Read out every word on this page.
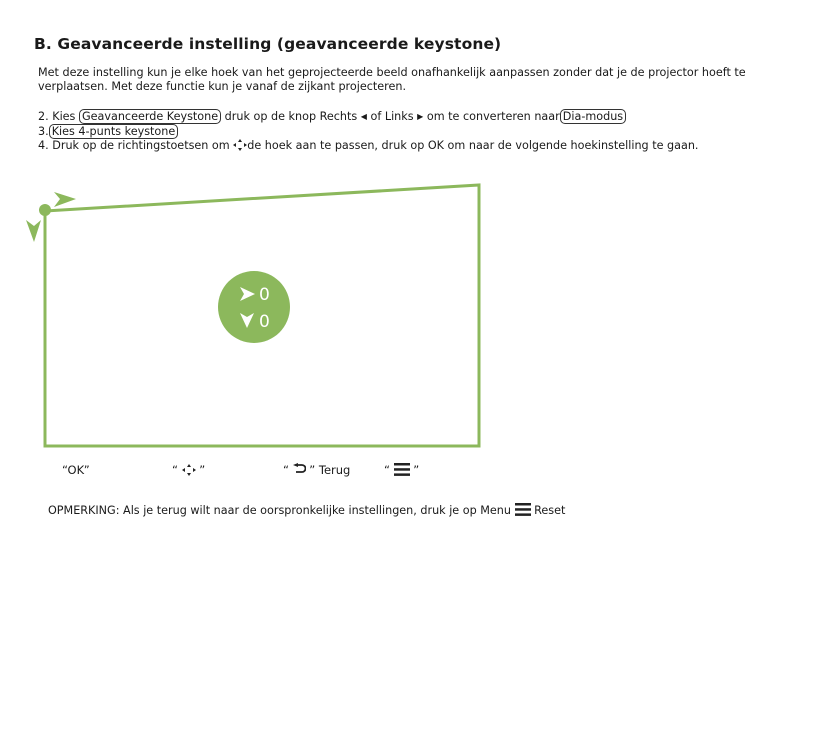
B. Geavanceerde instelling (geavanceerde keystone)
Met deze instelling kun je elke hoek van het geprojecteerde beeld onafhankelijk aanpassen zonder dat je de projector hoeft te verplaatsen. Met deze functie kun je vanaf de zijkant projecteren.
2. Kies Geavanceerde Keystone druk op de knop Rechts ◀ of Links ▶ om te converteren naar Dia-modus
3. Kies 4-punts keystone
4. Druk op de richtingstoetsen om de hoek aan te passen, druk op OK om naar de volgende hoekinstelling te gaan.
0
0
“OK”	“ ”	“ ” Terug	“ ”
OPMERKING: Als je terug wilt naar de oorspronkelijke instellingen, druk je op Menu Reset
